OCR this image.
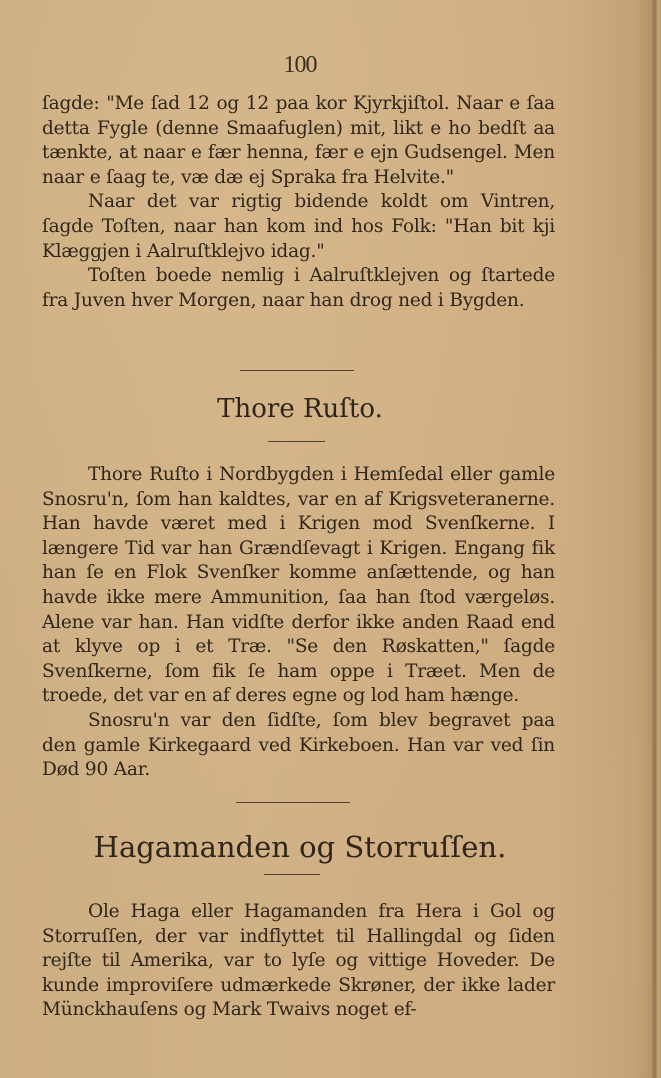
100

ſagde: "Me ſad 12 og 12 paa kor Kjyrkjiſtol. Naar e ſaa detta Fygle (denne Smaafuglen) mit, likt e ho bedſt aa tænkte, at naar e fær henna, fær e ejn Gudsengel. Men naar e ſaag te, væ dæ ej Spraka fra Helvite."

Naar det var rigtig bidende koldt om Vintren, ſagde Toſten, naar han kom ind hos Folk: "Han bit kji Klæggjen i Aalruſtklejvo idag."

Toſten boede nemlig i Aalruſtklejven og ſtartede fra Juven hver Morgen, naar han drog ned i Bygden.

Thore Ruſto.

Thore Ruſto i Nordbygden i Hemſedal eller gamle Snosru'n, ſom han kaldtes, var en af Krigsveteranerne. Han havde været med i Krigen mod Svenſkerne. I længere Tid var han Grændſevagt i Krigen. Engang fik han ſe en Flok Svenſker komme anſættende, og han havde ikke mere Ammunition, ſaa han ſtod værgeløs. Alene var han. Han vidſte derfor ikke anden Raad end at klyve op i et Træ. "Se den Røskatten," ſagde Svenſkerne, ſom fik ſe ham oppe i Træet. Men de troede, det var en af deres egne og lod ham hænge.

Snosru'n var den ſidſte, ſom blev begravet paa den gamle Kirkegaard ved Kirkeboen. Han var ved ſin Død 90 Aar.

Hagamanden og Storruſſen.

Ole Haga eller Hagamanden fra Hera i Gol og Storruſſen, der var indflyttet til Hallingdal og ſiden rejſte til Amerika, var to lyſe og vittige Hoveder. De kunde improviſere udmærkede Skrøner, der ikke lader Münckhauſens og Mark Twaivs noget ef-
